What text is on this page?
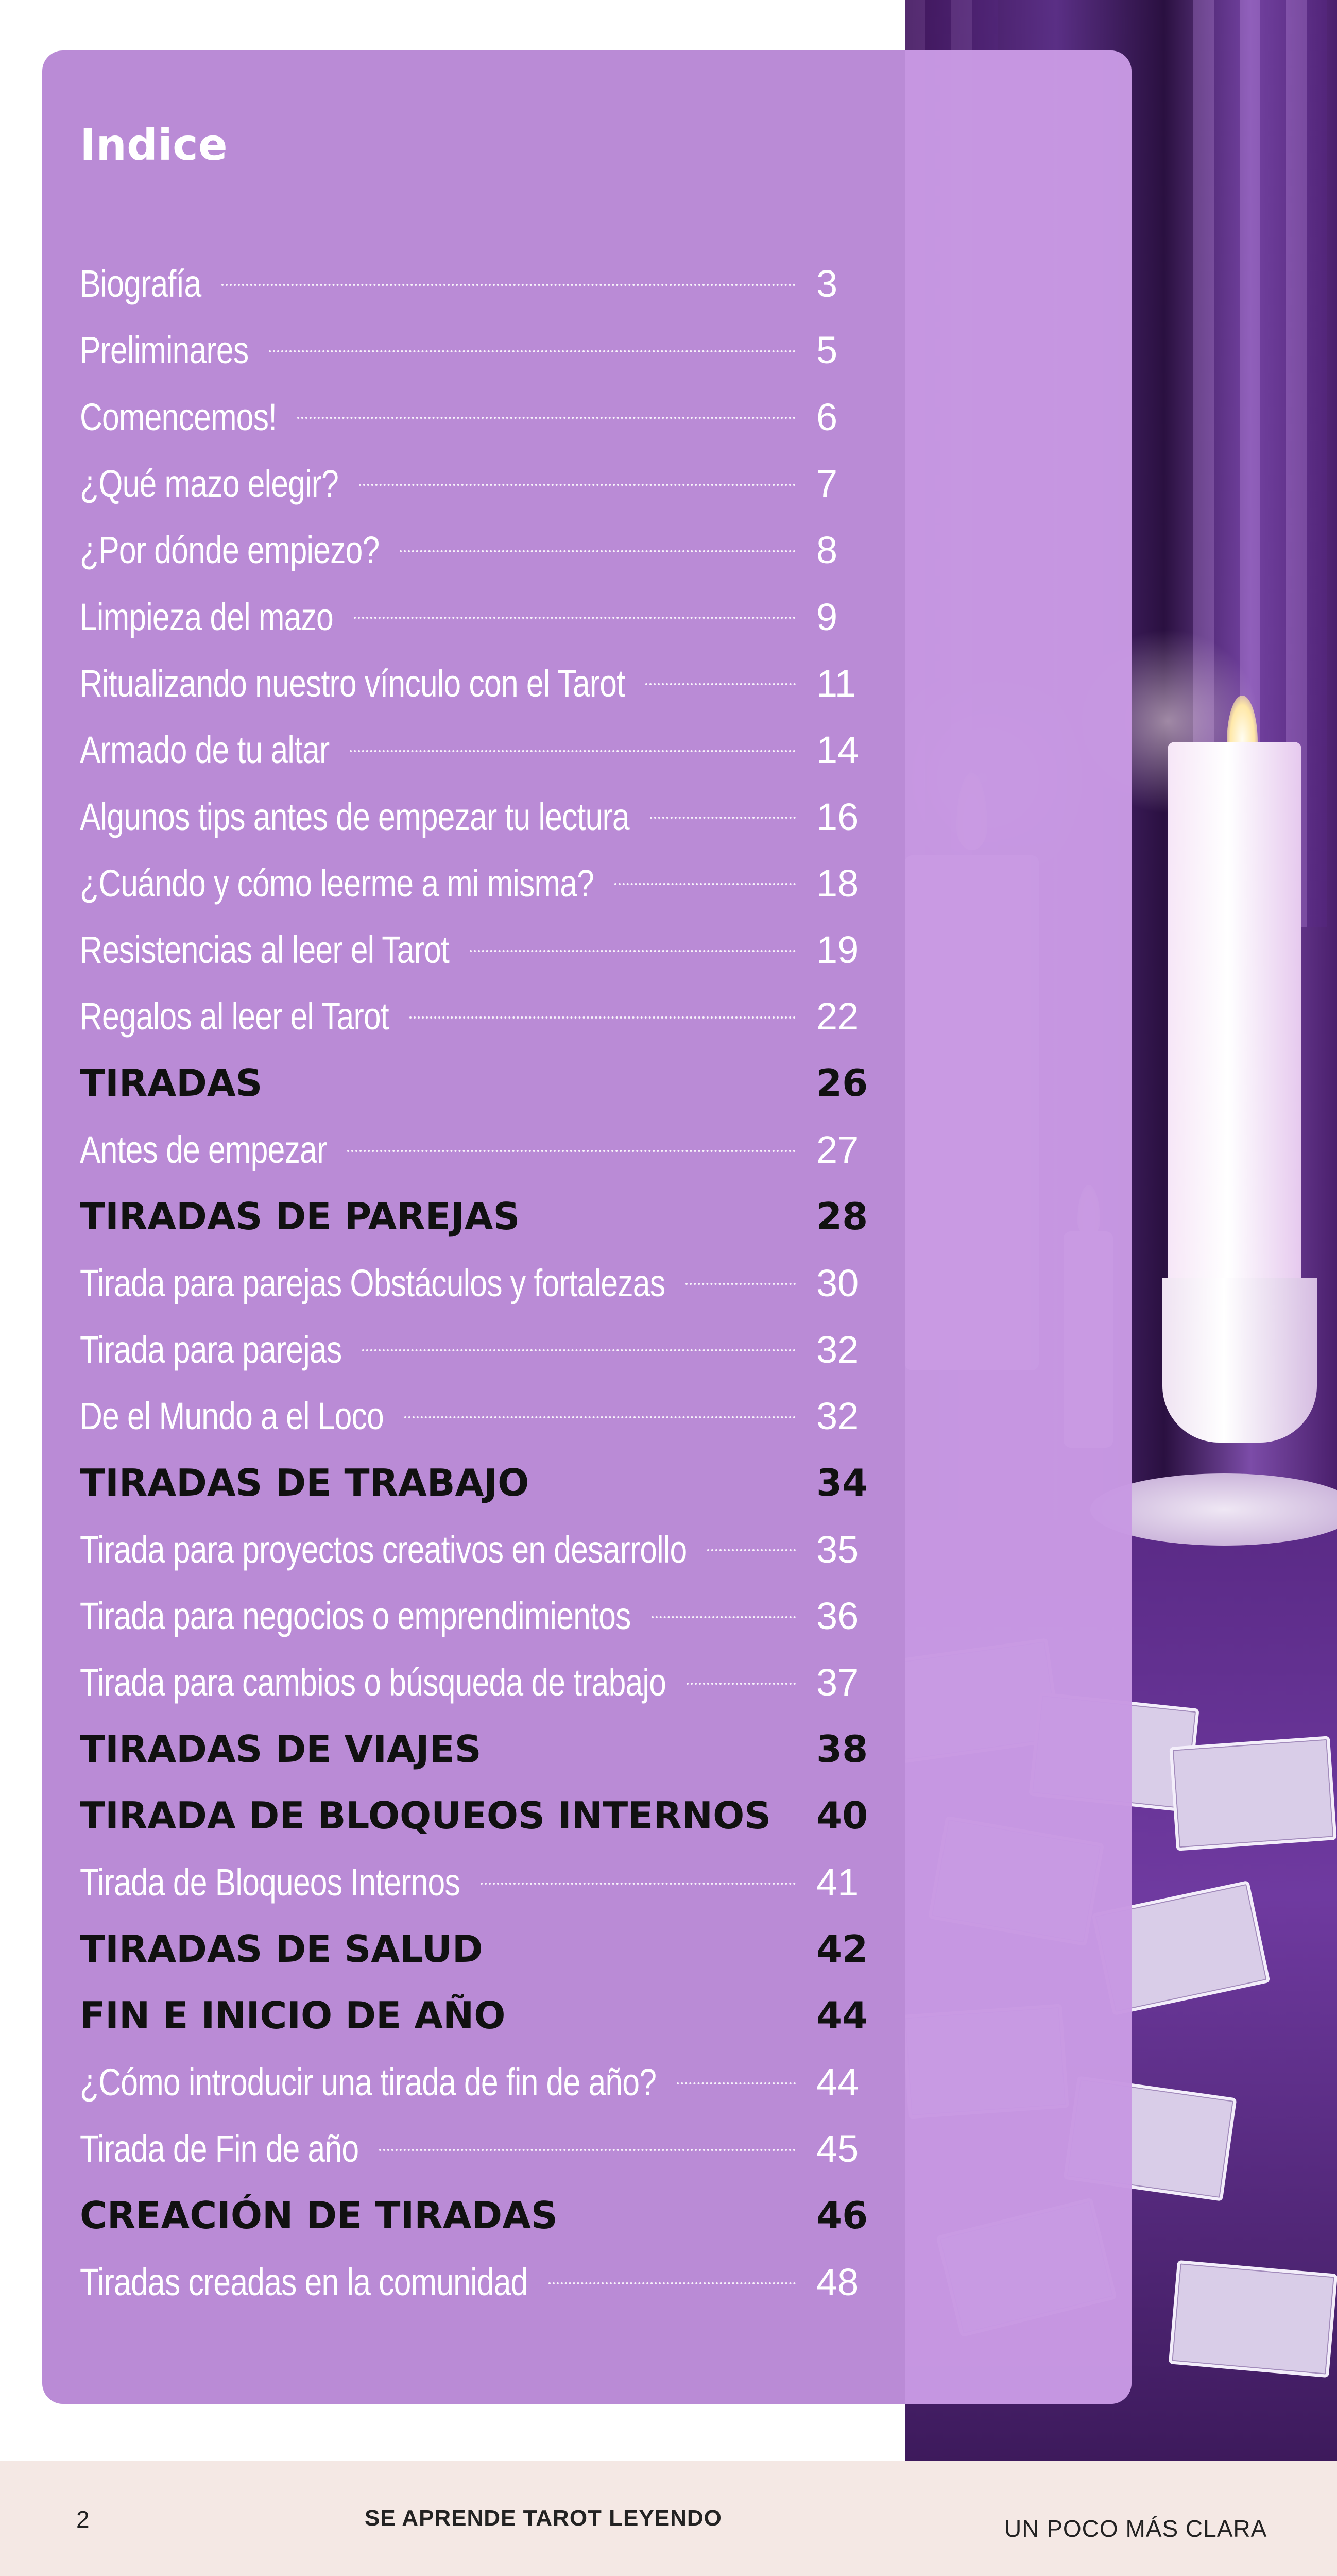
Indice
Biografía	3
Preliminares	5
Comencemos!	6
¿Qué mazo elegir?	7
¿Por dónde empiezo?	8
Limpieza del mazo	9
Ritualizando nuestro vínculo con el Tarot	11
Armado de tu altar	14
Algunos tips antes de empezar tu lectura	16
¿Cuándo y cómo leerme a mi misma?	18
Resistencias al leer el Tarot	19
Regalos al leer el Tarot	22
TIRADAS	26
Antes de empezar	27
TIRADAS DE PAREJAS	28
Tirada para parejas Obstáculos y fortalezas	30
Tirada para parejas	32
De el Mundo a el Loco	32
TIRADAS DE TRABAJO	34
Tirada para proyectos creativos en desarrollo	35
Tirada para negocios o emprendimientos	36
Tirada para cambios o búsqueda de trabajo	37
TIRADAS DE VIAJES	38
TIRADA DE BLOQUEOS INTERNOS 40
Tirada de Bloqueos Internos	41
TIRADAS DE SALUD	42
FIN E INICIO DE AÑO	44
¿Cómo introducir una tirada de fin de año?	44
Tirada de Fin de año	45
CREACIÓN DE TIRADAS	46
Tiradas creadas en la comunidad	48
2	SE APRENDE TAROT LEYENDO	UN POCO MÁS CLARA
